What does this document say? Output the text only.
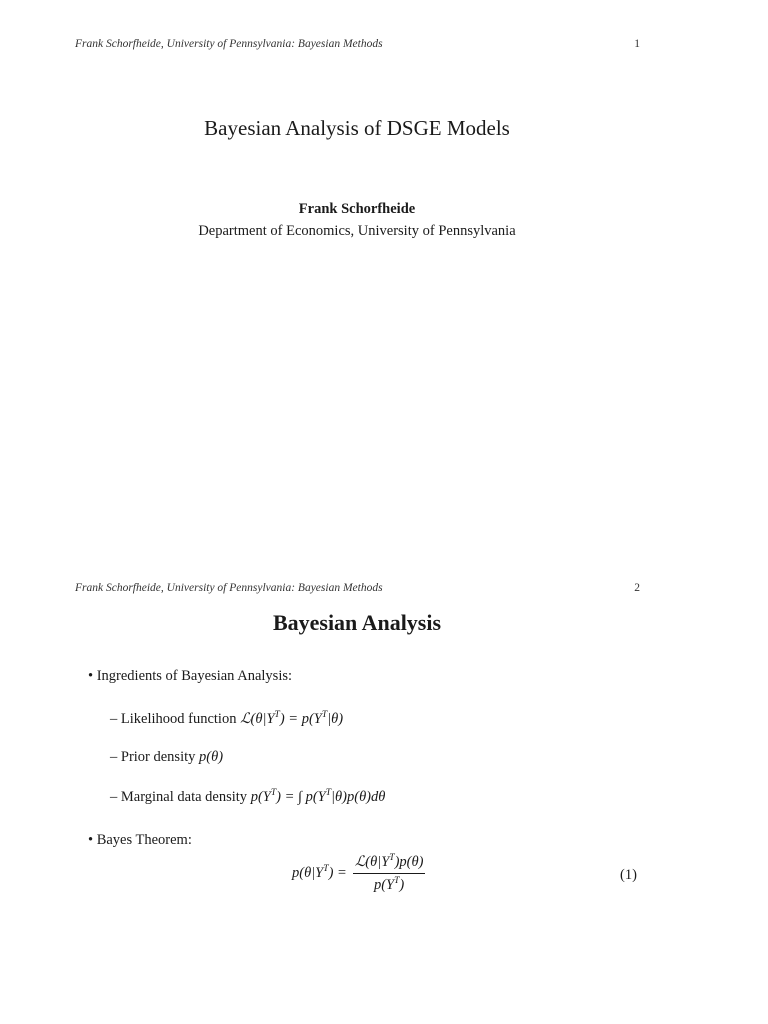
Frank Schorfheide, University of Pennsylvania: Bayesian Methods	1
Bayesian Analysis of DSGE Models
Frank Schorfheide
Department of Economics, University of Pennsylvania
Frank Schorfheide, University of Pennsylvania: Bayesian Methods	2
Bayesian Analysis
• Ingredients of Bayesian Analysis:
– Likelihood function $ℒ(\theta|Y^T) = p(Y^T|\theta)$
– Prior density p(θ)
– Marginal data density $p(Y^T)$ = ∫ $p(Y^T|\theta)p(\theta)d\theta$
• Bayes Theorem:
$p(\theta|Y^T) = \frac{ℒ(\theta|Y^T)p(\theta)}{p(Y^T)}$	(1)
